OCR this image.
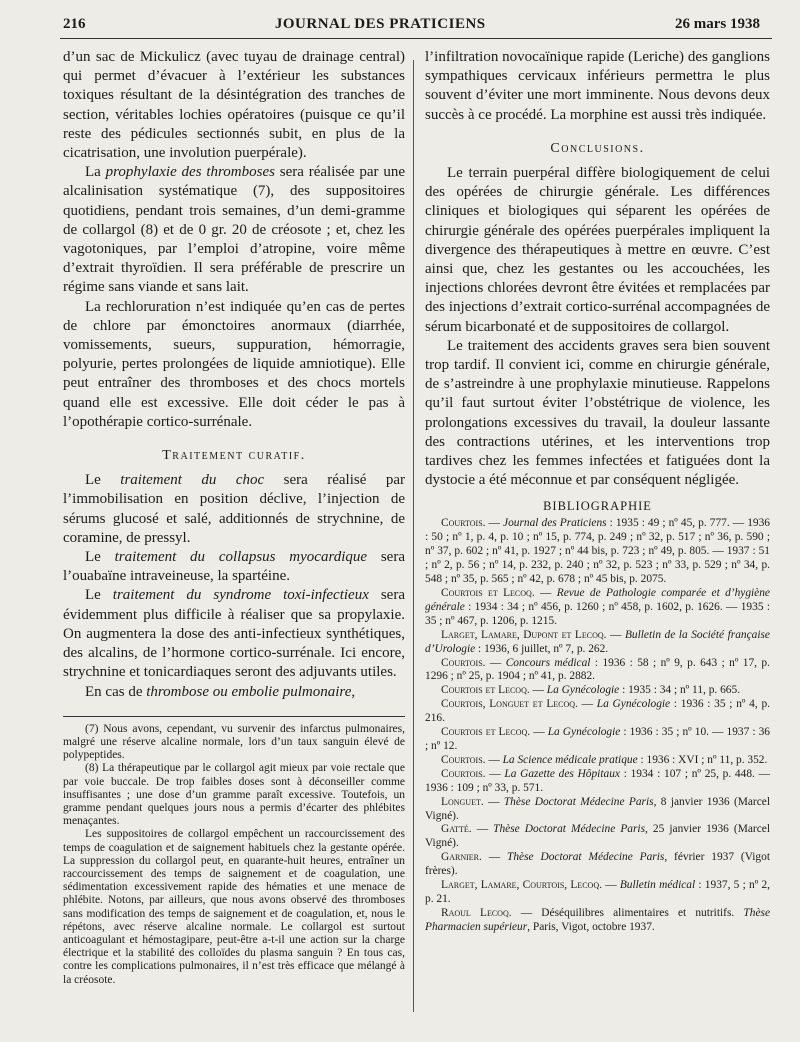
216	JOURNAL DES PRATICIENS	26 mars 1938

d’un sac de Mickulicz (avec tuyau de drainage central) qui permet d’évacuer à l’extérieur les substances toxiques résultant de la désintégration des tranches de section, véritables lochies opératoires (puisque ce qu’il reste des pédicules sectionnés subit, en plus de la cicatrisation, une involution puerpérale).

La prophylaxie des thromboses sera réalisée par une alcalinisation systématique (7), des suppositoires quotidiens, pendant trois semaines, d’un demi-gramme de collargol (8) et de 0 gr. 20 de créosote ; et, chez les vagotoniques, par l’emploi d’atropine, voire même d’extrait thyroïdien. Il sera préférable de prescrire un régime sans viande et sans lait.

La rechloruration n’est indiquée qu’en cas de pertes de chlore par émonctoires anormaux (diarrhée, vomissements, sueurs, suppuration, hémorragie, polyurie, pertes prolongées de liquide amniotique). Elle peut entraîner des thromboses et des chocs mortels quand elle est excessive. Elle doit céder le pas à l’opothérapie cortico-surrénale.

Traitement curatif.

Le traitement du choc sera réalisé par l’immobilisation en position déclive, l’injection de sérums glucosé et salé, additionnés de strychnine, de coramine, de pressyl.

Le traitement du collapsus myocardique sera l’ouabaïne intraveineuse, la spartéine.

Le traitement du syndrome toxi-infectieux sera évidemment plus difficile à réaliser que sa propylaxie. On augmentera la dose des anti-infectieux synthétiques, des alcalins, de l’hormone cortico-surrénale. Ici encore, strychnine et tonicardiaques seront des adjuvants utiles.

En cas de thrombose ou embolie pulmonaire,

(7) Nous avons, cependant, vu survenir des infarctus pulmonaires, malgré une réserve alcaline normale, lors d’un taux sanguin élevé de polypeptides.

(8) La thérapeutique par le collargol agit mieux par voie rectale que par voie buccale. De trop faibles doses sont à déconseiller comme insuffisantes ; une dose d’un gramme paraît excessive. Toutefois, un gramme pendant quelques jours nous a permis d’écarter des phlébites menaçantes.

Les suppositoires de collargol empêchent un raccourcissement des temps de coagulation et de saignement habituels chez la gestante opérée. La suppression du collargol peut, en quarante-huit heures, entraîner un raccourcissement des temps de saignement et de coagulation, une sédimentation excessivement rapide des hématies et une menace de phlébite. Notons, par ailleurs, que nous avons observé des thromboses sans modification des temps de saignement et de coagulation, et, nous le répétons, avec réserve alcaline normale. Le collargol est surtout anticoagulant et hémostagipare, peut-être a-t-il une action sur la charge électrique et la stabilité des colloïdes du plasma sanguin ? En tous cas, contre les complications pulmonaires, il n’est très efficace que mélangé à la créosote.

l’infiltration novocaïnique rapide (Leriche) des ganglions sympathiques cervicaux inférieurs permettra le plus souvent d’éviter une mort imminente. Nous devons deux succès à ce procédé. La morphine est aussi très indiquée.

Conclusions.

Le terrain puerpéral diffère biologiquement de celui des opérées de chirurgie générale. Les différences cliniques et biologiques qui séparent les opérées de chirurgie générale des opérées puerpérales impliquent la divergence des thérapeutiques à mettre en œuvre. C’est ainsi que, chez les gestantes ou les accouchées, les injections chlorées devront être évitées et remplacées par des injections d’extrait cortico-surrénal accompagnées de sérum bicarbonaté et de suppositoires de collargol.

Le traitement des accidents graves sera bien souvent trop tardif. Il convient ici, comme en chirurgie générale, de s’astreindre à une prophylaxie minutieuse. Rappelons qu’il faut surtout éviter l’obstétrique de violence, les prolongations excessives du travail, la douleur lassante des contractions utérines, et les interventions trop tardives chez les femmes infectées et fatiguées dont la dystocie a été méconnue et par conséquent négligée.

BIBLIOGRAPHIE

Courtois. — Journal des Praticiens : 1935 : 49 ; nº 45, p. 777. — 1936 : 50 ; nº 1, p. 4, p. 10 ; nº 15, p. 774, p. 249 ; nº 32, p. 517 ; nº 36, p. 590 ; nº 37, p. 602 ; nº 41, p. 1927 ; nº 44 bis, p. 723 ; nº 49, p. 805. — 1937 : 51 ; nº 2, p. 56 ; nº 14, p. 232, p. 240 ; nº 32, p. 523 ; nº 33, p. 529 ; nº 34, p. 548 ; nº 35, p. 565 ; nº 42, p. 678 ; nº 45 bis, p. 2075.

Courtois et Lecoq. — Revue de Pathologie comparée et d’hygiène générale : 1934 : 34 ; nº 456, p. 1260 ; nº 458, p. 1602, p. 1626. — 1935 : 35 ; nº 467, p. 1206, p. 1215.

Larget, Lamare, Dupont et Lecoq. — Bulletin de la Société française d’Urologie : 1936, 6 juillet, nº 7, p. 262.

Courtois. — Concours médical : 1936 : 58 ; nº 9, p. 643 ; nº 17, p. 1296 ; nº 25, p. 1904 ; nº 41, p. 2882.

Courtois et Lecoq. — La Gynécologie : 1935 : 34 ; nº 11, p. 665.

Courtois, Longuet et Lecoq. — La Gynécologie : 1936 : 35 ; nº 4, p. 216.

Courtois et Lecoq. — La Gynécologie : 1936 : 35 ; nº 10. — 1937 : 36 ; nº 12.

Courtois. — La Science médicale pratique : 1936 : XVI ; nº 11, p. 352.

Courtois. — La Gazette des Hôpitaux : 1934 : 107 ; nº 25, p. 448. — 1936 : 109 ; nº 33, p. 571.

Longuet. — Thèse Doctorat Médecine Paris, 8 janvier 1936 (Marcel Vigné).

Gatté. — Thèse Doctorat Médecine Paris, 25 janvier 1936 (Marcel Vigné).

Garnier. — Thèse Doctorat Médecine Paris, février 1937 (Vigot frères).

Larget, Lamare, Courtois, Lecoq. — Bulletin médical : 1937, 5 ; nº 2, p. 21.

Raoul Lecoq. — Déséquilibres alimentaires et nutritifs. Thèse Pharmacien supérieur, Paris, Vigot, octobre 1937.
